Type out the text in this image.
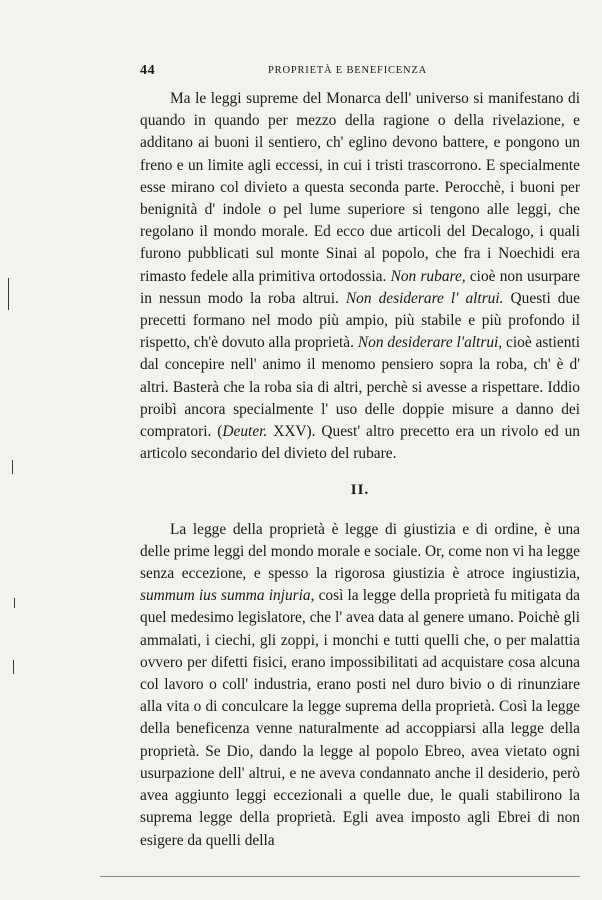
44	PROPRIETÀ E BENEFICENZA

Ma le leggi supreme del Monarca dell' universo si manifestano di quando in quando per mezzo della ragione o della rivelazione, e additano ai buoni il sentiero, ch' eglino devono battere, e pongono un freno e un limite agli eccessi, in cui i tristi trascorrono. E specialmente esse mirano col divieto a questa seconda parte. Perocchè, i buoni per benignità d' indole o pel lume superiore si tengono alle leggi, che regolano il mondo morale. Ed ecco due articoli del Decalogo, i quali furono pubblicati sul monte Sinai al popolo, che fra i Noechidi era rimasto fedele alla primitiva ortodossia. Non rubare, cioè non usurpare in nessun modo la roba altrui. Non desiderare l' altrui. Questi due precetti formano nel modo più ampio, più stabile e più profondo il rispetto, ch'è dovuto alla proprietà. Non desiderare l'altrui, cioè astienti dal concepire nell' animo il menomo pensiero sopra la roba, ch' è d' altri. Basterà che la roba sia di altri, perchè si avesse a rispettare. Iddio proibì ancora specialmente l' uso delle doppie misure a danno dei compratori. (Deuter. XXV). Quest' altro precetto era un rivolo ed un articolo secondario del divieto del rubare.

II.

La legge della proprietà è legge di giustizia e di ordine, è una delle prime leggi del mondo morale e sociale. Or, come non vi ha legge senza eccezione, e spesso la rigorosa giustizia è atroce ingiustizia, summum ius summa injuria, così la legge della proprietà fu mitigata da quel medesimo legislatore, che l' avea data al genere umano. Poichè gli ammalati, i ciechi, gli zoppi, i monchi e tutti quelli che, o per malattia ovvero per difetti fisici, erano impossibilitati ad acquistare cosa alcuna col lavoro o coll' industria, erano posti nel duro bivio o di rinunziare alla vita o di conculcare la legge suprema della proprietà. Così la legge della beneficenza venne naturalmente ad accoppiarsi alla legge della proprietà. Se Dio, dando la legge al popolo Ebreo, avea vietato ogni usurpazione dell' altrui, e ne aveva condannato anche il desiderio, però avea aggiunto leggi eccezionali a quelle due, le quali stabilirono la suprema legge della proprietà. Egli avea imposto agli Ebrei di non esigere da quelli della
